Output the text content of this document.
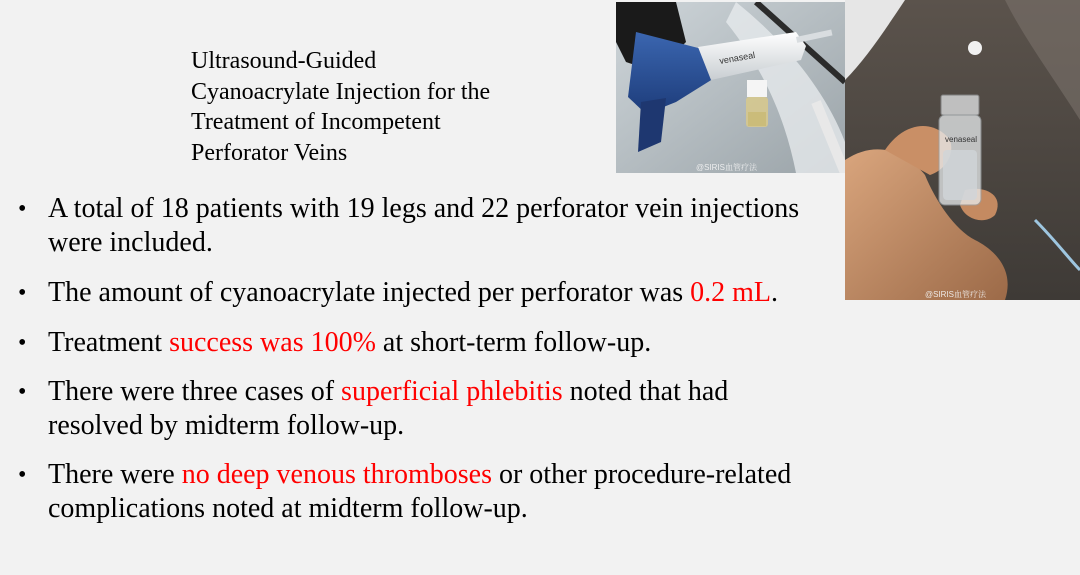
Ultrasound-Guided
Cyanoacrylate Injection for the
Treatment of Incompetent
Perforator Veins
• A total of 18 patients with 19 legs and 22 perforator vein injections were included.
• The amount of cyanoacrylate injected per perforator was 0.2 mL.
• Treatment success was 100% at short-term follow-up.
• There were three cases of superficial phlebitis noted that had resolved by midterm follow-up.
• There were no deep venous thromboses or other procedure-related complications noted at midterm follow-up.
venaseal
@SIRIS血管疗法
venaseal
@SIRIS血管疗法
